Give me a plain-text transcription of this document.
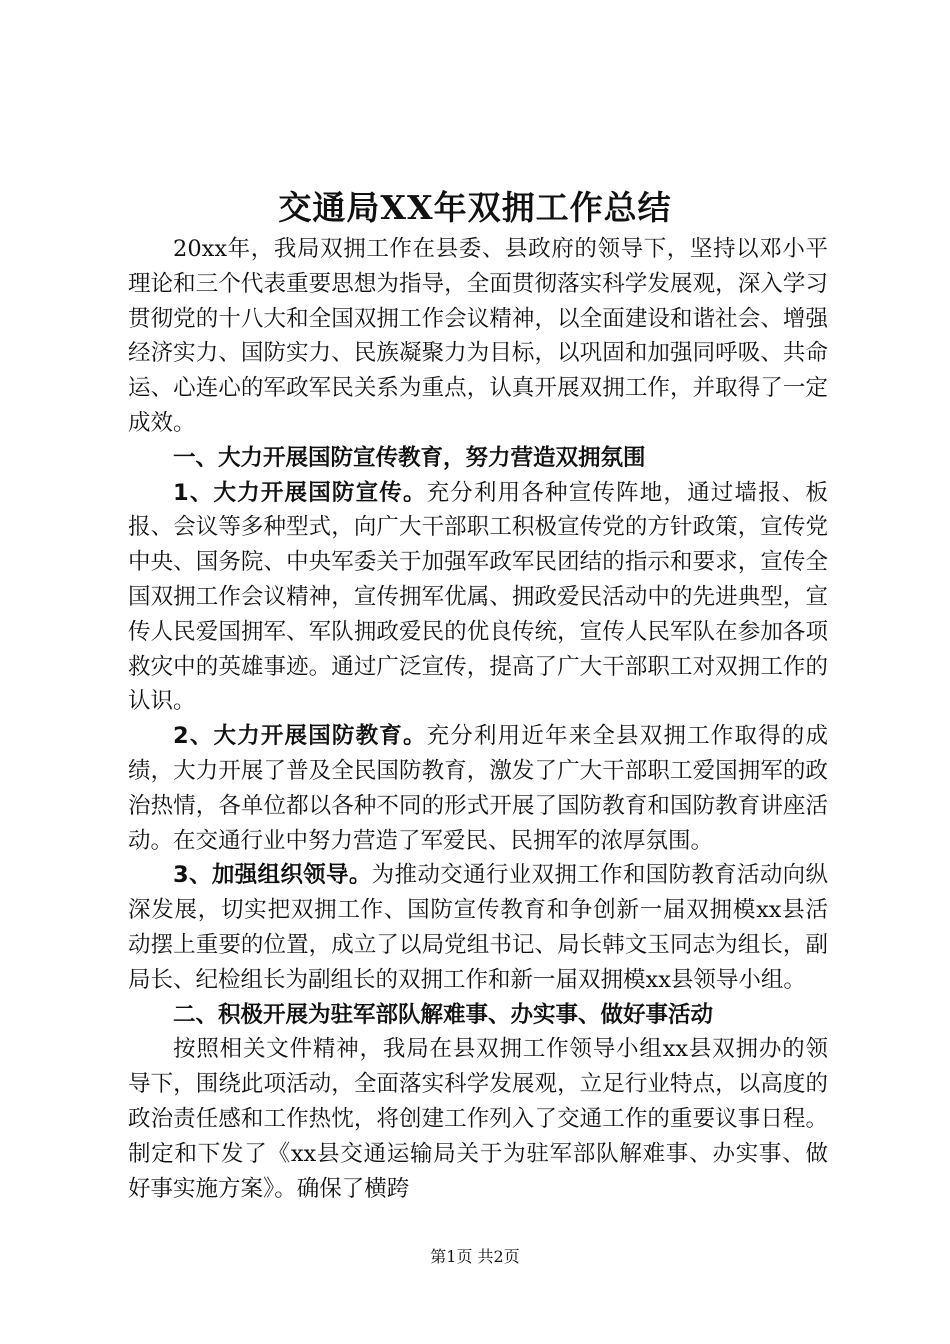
交通局XX年双拥工作总结

20xx年，我局双拥工作在县委、县政府的领导下，坚持以邓小平理论和三个代表重要思想为指导，全面贯彻落实科学发展观，深入学习贯彻党的十八大和全国双拥工作会议精神，以全面建设和谐社会、增强经济实力、国防实力、民族凝聚力为目标，以巩固和加强同呼吸、共命运、心连心的军政军民关系为重点，认真开展双拥工作，并取得了一定成效。

一、大力开展国防宣传教育，努力营造双拥氛围

1、大力开展国防宣传。充分利用各种宣传阵地，通过墙报、板报、会议等多种型式，向广大干部职工积极宣传党的方针政策，宣传党中央、国务院、中央军委关于加强军政军民团结的指示和要求，宣传全国双拥工作会议精神，宣传拥军优属、拥政爱民活动中的先进典型，宣传人民爱国拥军、军队拥政爱民的优良传统，宣传人民军队在参加各项救灾中的英雄事迹。通过广泛宣传，提高了广大干部职工对双拥工作的认识。

2、大力开展国防教育。充分利用近年来全县双拥工作取得的成绩，大力开展了普及全民国防教育，激发了广大干部职工爱国拥军的政治热情，各单位都以各种不同的形式开展了国防教育和国防教育讲座活动。在交通行业中努力营造了军爱民、民拥军的浓厚氛围。

3、加强组织领导。为推动交通行业双拥工作和国防教育活动向纵深发展，切实把双拥工作、国防宣传教育和争创新一届双拥模xx县活动摆上重要的位置，成立了以局党组书记、局长韩文玉同志为组长，副局长、纪检组长为副组长的双拥工作和新一届双拥模xx县领导小组。

二、积极开展为驻军部队解难事、办实事、做好事活动

按照相关文件精神，我局在县双拥工作领导小组xx县双拥办的领导下，围绕此项活动，全面落实科学发展观，立足行业特点，以高度的政治责任感和工作热忱，将创建工作列入了交通工作的重要议事日程。制定和下发了《xx县交通运输局关于为驻军部队解难事、办实事、做好事实施方案》。确保了横跨

第1页 共2页
